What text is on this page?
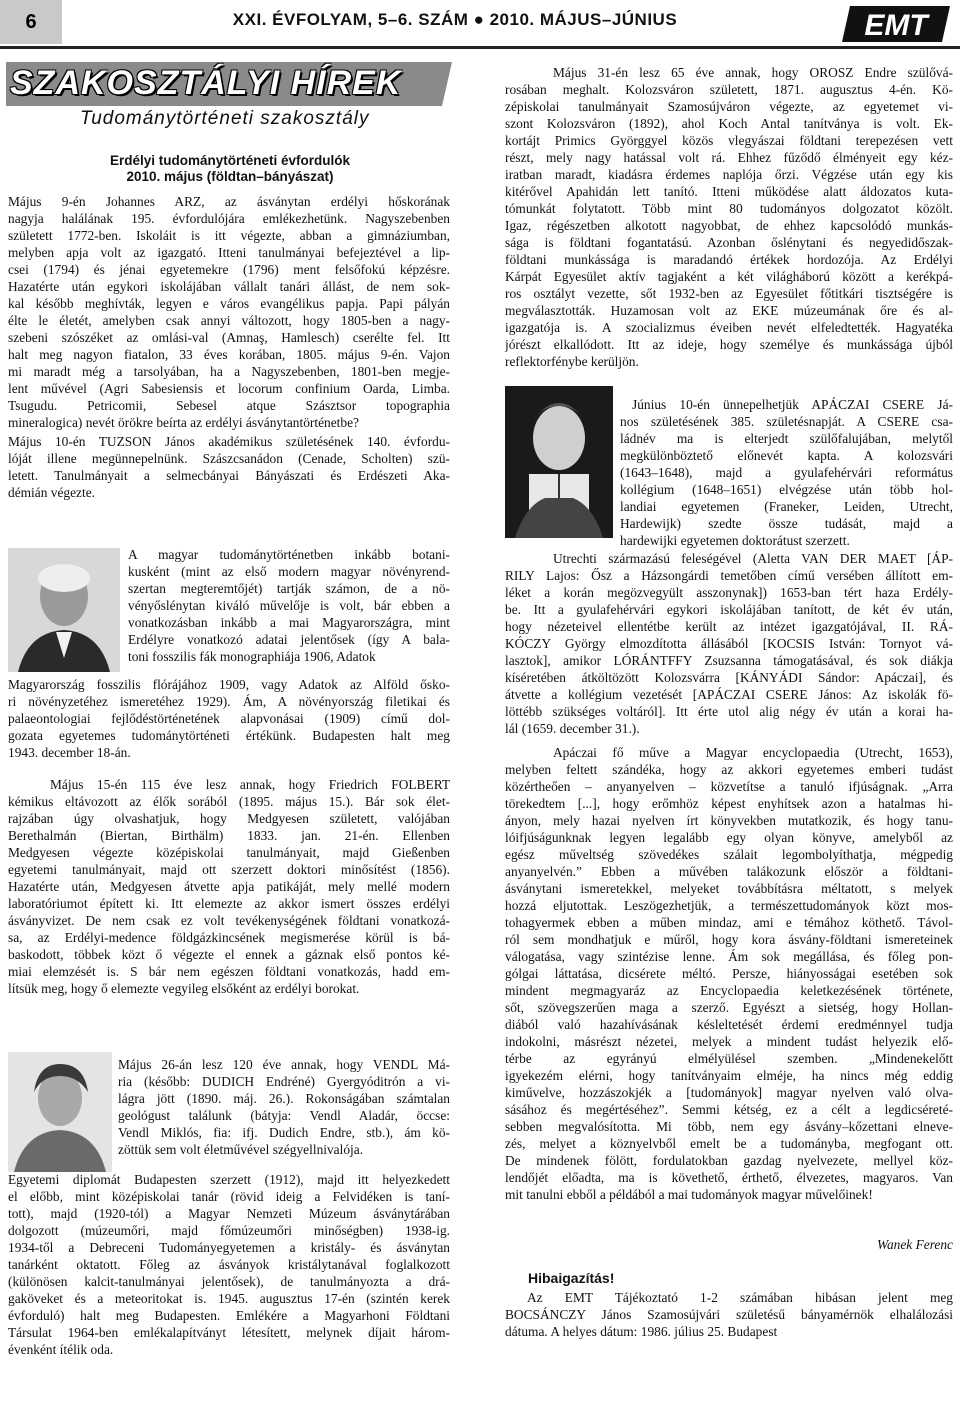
6	XXI. ÉVFOLYAM, 5–6. SZÁM ● 2010. MÁJUS–JÚNIUS	EMT
SZAKOSZTÁLYI HÍREK
Tudománytörténeti szakosztály
Erdélyi tudománytörténeti évfordulók
2010. május (földtan–bányászat)
Május 9-én Johannes ARZ, az ásványtan erdélyi hőskorának
nagyja halálának 195. évfordulójára emlékezhetünk. Nagyszebenben
született 1772-ben. Iskoláit is itt végezte, abban a gimnáziumban,
melyben apja volt az igazgató. Itteni tanulmányai befejeztével a lip-
csei (1794) és jénai egyetemekre (1796) ment felsőfokú képzésre.
Hazatérte után egykori iskolájában vállalt tanári állást, de nem sok-
kal később meghívták, legyen e város evangélikus papja. Papi pályán
élte le életét, amelyben csak annyi változott, hogy 1805-ben a nagy-
szebeni szószéket az omlási-val (Amnaş, Hamlesch) cserélte fel. Itt
halt meg nagyon fiatalon, 33 éves korában, 1805. május 9-én. Vajon
mi maradt még a tarsolyában, ha a Nagyszebenben, 1801-ben megje-
lent művével (Agri Sabesiensis et locorum confinium Oarda, Limba.
Tsugudu. Petricomii, Sebesel atque Szásztsor topographia
mineralogica) nevét örökre beírta az erdélyi ásványtantörténetbe?
Május 10-én TUZSON János akadémikus születésének 140. évfordu-
lóját illene megünnepelnünk. Szászcsanádon (Cenade, Scholten) szü-
letett. Tanulmányait a selmecbányai Bányászati és Erdészeti Aka-
démián végezte.
A magyar tudománytörténetben inkább botani-
kusként (mint az első modern magyar növényrend-
szertan megteremtőjét) tartják számon, de a nö-
vényőslénytan kiváló művelője is volt, bár ebben a
vonatkozásban inkább a mai Magyarországra, mint
Erdélyre vonatkozó adatai jelentősek (így A bala-
toni fosszilis fák monographiája 1906, Adatok
Magyarország fosszilis flórájához 1909, vagy Adatok az Alföld ősko-
ri növényzetéhez ismeretéhez 1929). Ám, A növényország filetikai és
palaeontologiai fejlődéstörténetének alapvonásai (1909) című dol-
gozata egyetemes tudománytörténeti értékünk. Budapesten halt meg
1943. december 18-án.
Május 15-én 115 éve lesz annak, hogy Friedrich FOLBERT
kémikus eltávozott az élők sorából (1895. május 15.). Bár sok élet-
rajzában úgy olvashatjuk, hogy Medgyesen született, valójában
Berethalmán (Biertan, Birthälm) 1833. jan. 21-én. Ellenben
Medgyesen végezte középiskolai tanulmányait, majd Gießenben
egyetemi tanulmányait, majd ott szerzett doktori minősítést (1856).
Hazatérte után, Medgyesen átvette apja patikáját, mely mellé modern
laboratóriumot épített ki. Itt elemezte az akkor ismert összes erdélyi
ásványvizet. De nem csak ez volt tevékenységének földtani vonatkozá-
sa, az Erdélyi-medence földgázkincsének megismerése körül is bá-
baskodott, többek közt ő végezte el ennek a gáznak első pontos ké-
miai elemzését is. S bár nem egészen földtani vonatkozás, hadd em-
lítsük meg, hogy ő elemezte vegyileg elsőként az erdélyi borokat.
Május 26-án lesz 120 éve annak, hogy VENDL Má-
ria (később: DUDICH Endréné) Gyergyóditrón a vi-
lágra jött (1890. máj. 26.). Rokonságában számtalan
geológust találunk (bátyja: Vendl Aladár, öccse:
Vendl Miklós, fia: ifj. Dudich Endre, stb.), ám kö-
zöttük sem volt életművével szégyellnivalója.
Egyetemi diplomát Budapesten szerzett (1912), majd itt helyezkedett
el előbb, mint középiskolai tanár (rövid ideig a Felvidéken is taní-
tott), majd (1920-tól) a Magyar Nemzeti Múzeum ásványtárában
dolgozott (múzeumőri, majd főmúzeumőri minőségben) 1938-ig.
1934-től a Debreceni Tudományegyetemen a kristály- és ásványtan
tanárként oktatott. Főleg az ásványok kristálytanával foglalkozott
(különösen kalcit-tanulmányai jelentősek), de tanulmányozta a drá-
gaköveket és a meteoritokat is. 1945. augusztus 17-én (szintén kerek
évforduló) halt meg Budapesten. Emlékére a Magyarhoni Földtani
Társulat 1964-ben emlékalapítványt létesített, melynek díjait három-
évenként ítélik oda.
Május 31-én lesz 65 éve annak, hogy OROSZ Endre szülővá-
rosában meghalt. Kolozsváron született, 1871. augusztus 4-én. Kö-
zépiskolai tanulmányait Szamosújváron végezte, az egyetemet vi-
szont Kolozsváron (1892), ahol Koch Antal tanítványa is volt. Ek-
kortájt Primics Györggyel közös vlegyászai földtani terepezésen vett
részt, mely nagy hatással volt rá. Ehhez fűződő élményeit egy kéz-
iratban maradt, kiadásra érdemes naplója őrzi. Végzése után egy kis
kitérővel Apahidán lett tanító. Itteni működése alatt áldozatos kuta-
tómunkát folytatott. Több mint 80 tudományos dolgozatot közölt.
Igaz, régészetben alkotott nagyobbat, de ehhez kapcsolódó munkás-
sága is földtani fogantatású. Azonban őslénytani és negyedidőszak-
földtani munkássága is maradandó értékek hordozója. Az Erdélyi
Kárpát Egyesület aktív tagjaként a két világháború között a kerékpá-
ros osztályt vezette, sőt 1932-ben az Egyesület főtitkári tisztségére is
megválasztották. Huzamosan volt az EKE múzeumának őre és al-
igazgatója is. A szocializmus éveiben nevét elfeledtették. Hagyatéka
jórészt elkallódott. Itt az ideje, hogy személye és munkássága újból
reflektorfénybe kerüljön.
Június 10-én ünnepelhetjük APÁCZAI CSERE Já-
nos születésének 385. születésnapját. A CSERE csa-
ládnév ma is elterjedt szülőfalujában, melytől
megkülönböztető előnevét kapta. A kolozsvári
(1643–1648), majd a gyulafehérvári református
kollégium (1648–1651) elvégzése után több hol-
landiai egyetemen (Franeker, Leiden, Utrecht,
Hardewijk) szedte össze tudását, majd a
hardewijki egyetemen doktorátust szerzett.
Utrechti származású feleségével (Aletta VAN DER MAET [ÁP-
RILY Lajos: Ősz a Házsongárdi temetőben című versében állított em-
léket a korán megözvegyült asszonynak]) 1653-ban tért haza Erdély-
be. Itt a gyulafehérvári egykori iskolájában tanított, de két év után,
hogy nézeteivel ellentétbe került az intézet igazgatójával, II. RÁ-
KÓCZY György elmozdította állásából [KOCSIS István: Tornyot vá-
lasztok], amikor LÓRÁNTFFY Zsuzsanna támogatásával, és sok diákja
kíséretében átköltözött Kolozsvárra [KÁNYÁDI Sándor: Apáczai], és
átvette a kollégium vezetését [APÁCZAI CSERE János: Az iskolák fö-
löttébb szükséges voltáról]. Itt érte utol alig négy év után a korai ha-
lál (1659. december 31.).
Apáczai fő műve a Magyar encyclopaedia (Utrecht, 1653),
melyben feltett szándéka, hogy az akkori egyetemes emberi tudást
közértheően – anyanyelven – közvetítse a tanuló ifjúságnak. „Arra
törekedtem [...], hogy erőmhöz képest enyhítsek azon a hatalmas hi-
ányon, mely hazai nyelven írt könyvekben mutatkozik, és hogy tanu-
lóifjúságunknak legyen legalább egy olyan könyve, amelyből az
egész műveltség szövedékes szálait legombolyíthatja, mégpedig
anyanyelvén.” Ebben a művében talákozunk először a földtani-
ásványtani ismeretekkel, melyeket továbbításra méltatott, s melyek
hozzá eljutottak. Leszögezhetjük, a természettudományok közt mos-
tohagyermek ebben a műben mindaz, ami e témához köthető. Távol-
ról sem mondhatjuk e műről, hogy kora ásvány-földtani ismereteinek
válogatása, vagy szintézise lenne. Ám sok megállása, és főleg pon-
gólgai láttatása, dicsérete méltó. Persze, hiányosságai esetében sok
mindent megmagyaráz az Encyclopaedia keletkezésének története,
sőt, szövegszerűen maga a szerző. Egyészt a sietség, hogy Hollan-
diából való hazahívásának késleltetését érdemi eredménnyel tudja
indokolni, másrészt nézetei, melyek a mindent tudást helyezik elő-
térbe az egyrányú elmélyülésel szemben. „Mindenekelőtt
igyekezém elérni, hogy tanítványaim elméje, ha nincs még eddig
kiművelve, hozzászokjék a [tudományok] magyar nyelven való olva-
sásához és megértéséhez”. Semmi kétség, ez a célt a legdicséreté-
sebben megvalósította. Mi több, nem egy ásvány–kőzettani elneve-
zés, melyet a köznyelvből emelt be a tudományba, megfogant ott.
De mindenek fölött, fordulatokban gazdag nyelvezete, mellyel köz-
lendőjét előadta, ma is követhető, érthető, élvezetes, magyaros. Van
mit tanulni ebből a példából a mai tudományok magyar művelőinek!
Wanek Ferenc
Hibaigazítás!
Az EMT Tájékoztató 1-2 számában hibásan jelent meg
BOCSÁNCZY János Szamosújvári születésű bányamérnök elhalálozási
dátuma. A helyes dátum: 1986. július 25. Budapest
